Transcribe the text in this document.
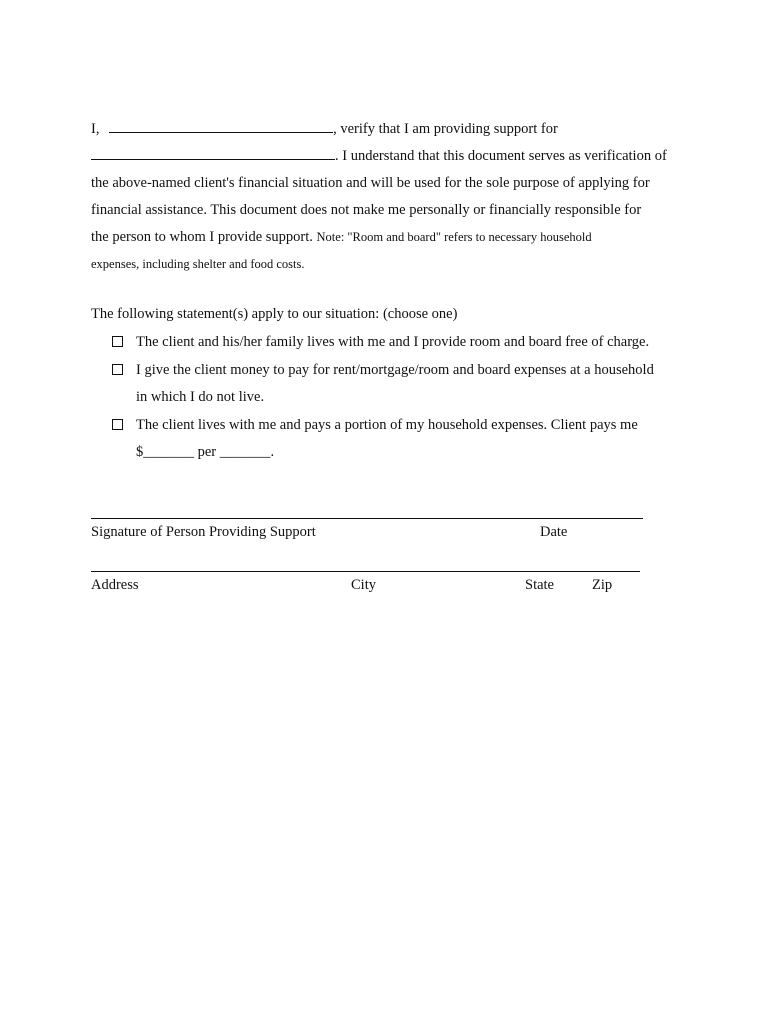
I,	, verify that I am providing support for
. I understand that this document serves as verification of
the above-named client's financial situation and will be used for the sole purpose of applying for
financial assistance. This document does not make me personally or financially responsible for
the person to whom I provide support. Note: "Room and board" refers to necessary household
expenses, including shelter and food costs.
The following statement(s) apply to our situation: (choose one)
The client and his/her family lives with me and I provide room and board free of charge.
I give the client money to pay for rent/mortgage/room and board expenses at a household
in which I do not live.
The client lives with me and pays a portion of my household expenses. Client pays me
$_______ per _______.
Signature of Person Providing Support	Date
Address	City	State	Zip
